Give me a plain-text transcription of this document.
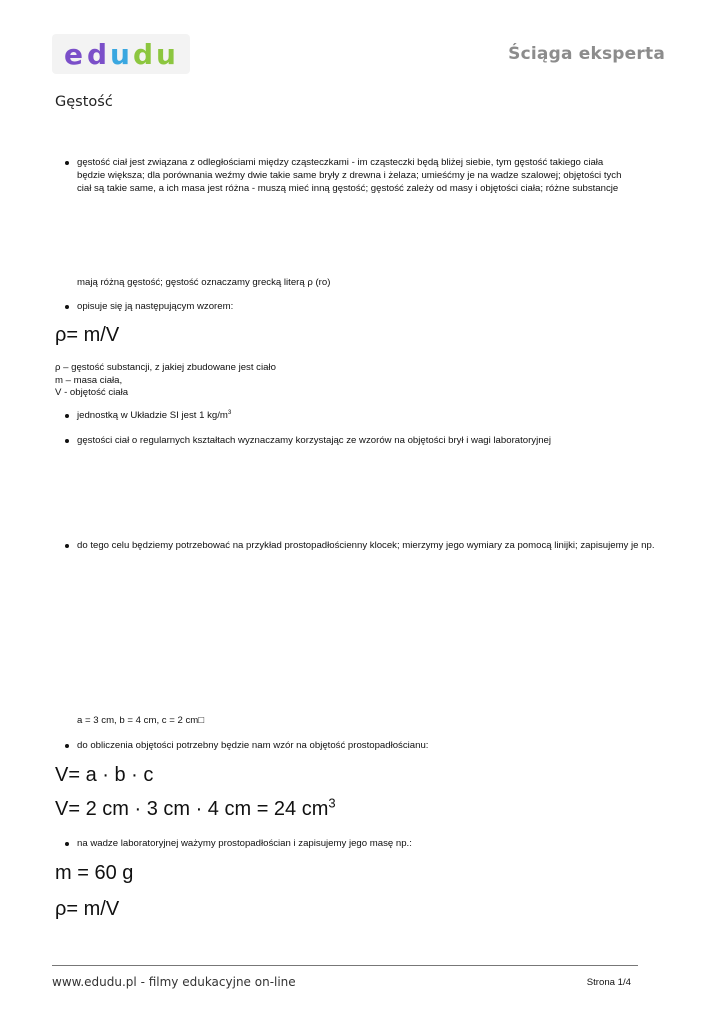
e d u d u	Ściąga eksperta
Gęstość
gęstość ciał jest związana z odległościami między cząsteczkami - im cząsteczki będą bliżej siebie, tym gęstość takiego ciała
będzie większa; dla porównania weźmy dwie takie same bryły z drewna i żelaza; umieśćmy je na wadze szalowej; objętości tych
ciał są takie same, a ich masa jest różna - muszą mieć inną gęstość; gęstość zależy od masy i objętości ciała; różne substancje
mają różną gęstość; gęstość oznaczamy grecką literą ρ (ro)
opisuje się ją następującym wzorem:
ρ= m/V
ρ – gęstość substancji, z jakiej zbudowane jest ciało
m – masa ciała,
V - objętość ciała
jednostką w Układzie SI jest 1 $kg/m^3$
gęstości ciał o regularnych kształtach wyznaczamy korzystając ze wzorów na objętości brył i wagi laboratoryjnej
do tego celu będziemy potrzebować na przykład prostopadłościenny klocek; mierzymy jego wymiary za pomocą linijki; zapisujemy je np.
a = 3 cm, b = 4 cm, c = 2 cm□
do obliczenia objętości potrzebny będzie nam wzór na objętość prostopadłościanu:
V= a · b · c
V= 2 cm · 3 cm · 4 cm = 24 $cm^3$
na wadze laboratoryjnej ważymy prostopadłościan i zapisujemy jego masę np.:
m = 60 g
ρ= m/V
www.edudu.pl - filmy edukacyjne on-line	Strona 1/4
